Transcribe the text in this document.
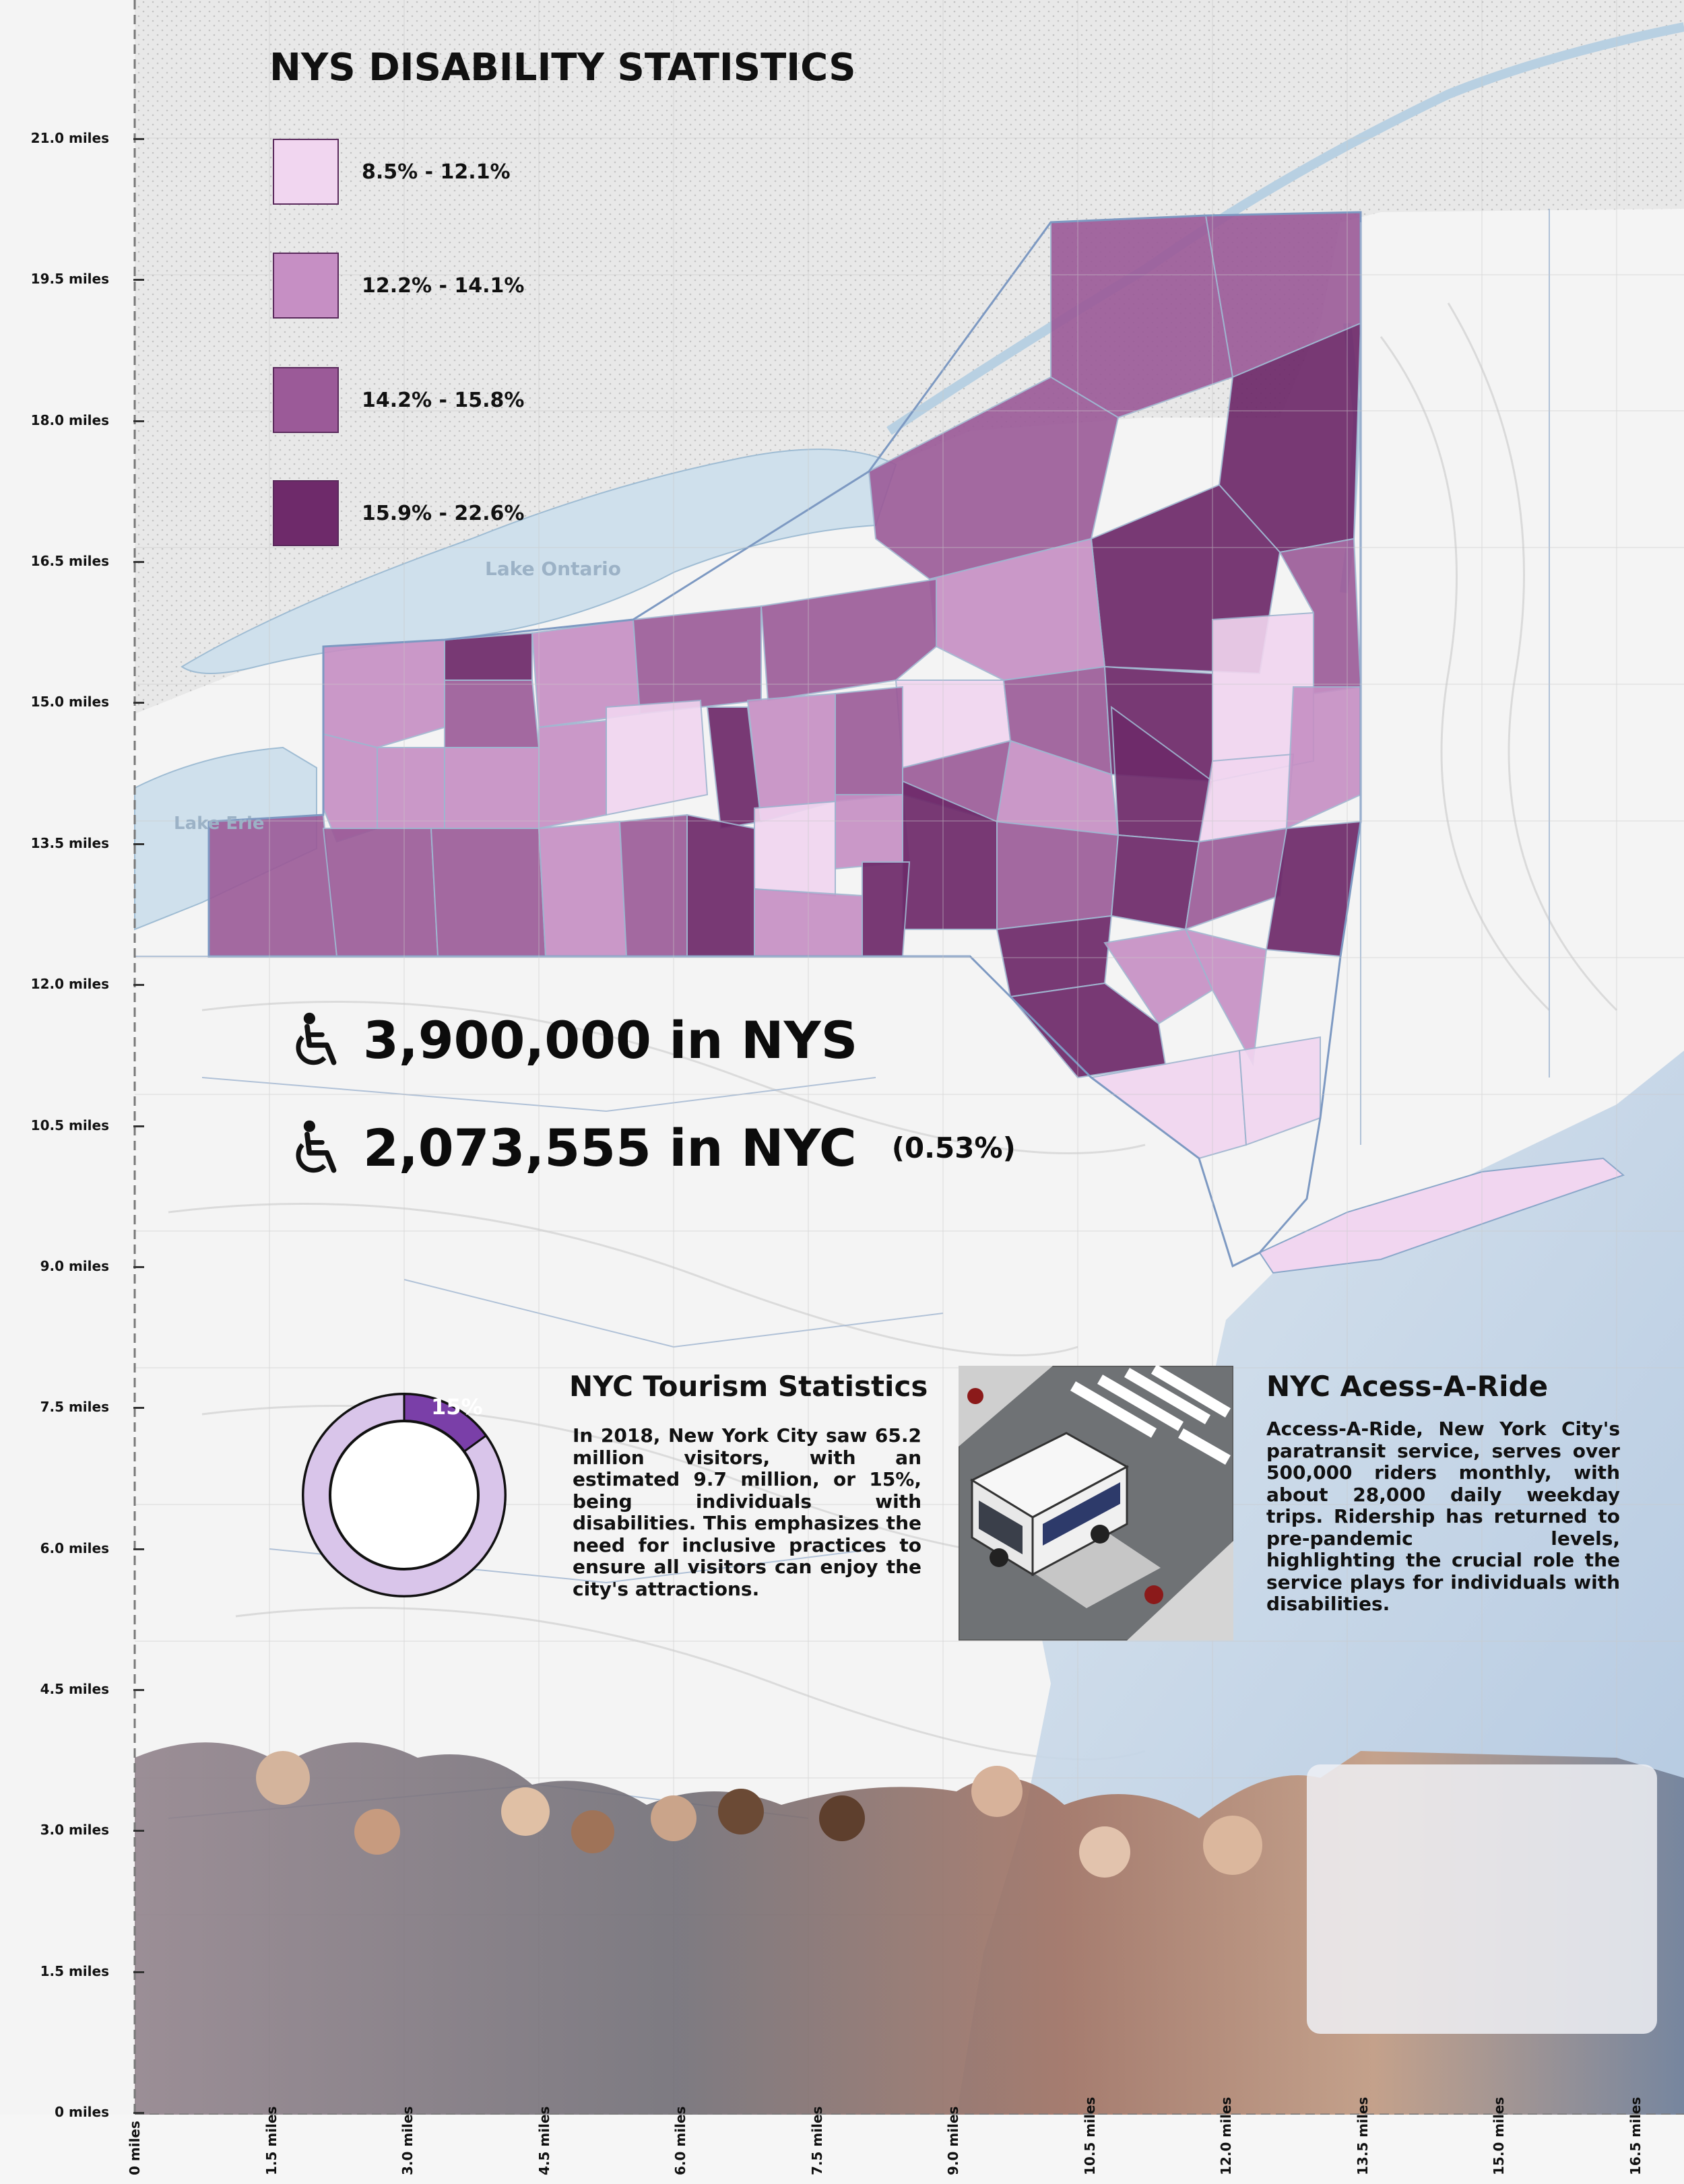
Lake Ontario
Lake Erie
21.0 miles
19.5 miles
18.0 miles
16.5 miles
15.0 miles
13.5 miles
12.0 miles
10.5 miles
9.0 miles
7.5 miles
6.0 miles
4.5 miles
3.0 miles
1.5 miles
0 miles
0 miles	1.5 miles	3.0 miles	4.5 miles	6.0 miles	7.5 miles	9.0 miles	10.5 miles	12.0 miles	13.5 miles	15.0 miles	16.5 miles
NYS DISABILITY STATISTICS
8.5% - 12.1%
12.2% - 14.1%
14.2% - 15.8%
15.9% - 22.6%
3,900,000 in NYS
2,073,555 in NYC (0.53%)
15%
NYC Tourism Statistics
In 2018, New York City saw 65.2 million visitors, with an estimated 9.7 million, or 15%, being individuals with disabilities. This emphasizes the need for inclusive practices to ensure all visitors can enjoy the city's attractions.
NYC Acess-A-Ride
Access-A-Ride, New York City's paratransit service, serves over 500,000 riders monthly, with about 28,000 daily weekday trips. Ridership has returned to pre-pandemic levels, highlighting the crucial role the service plays for individuals with disabilities.
